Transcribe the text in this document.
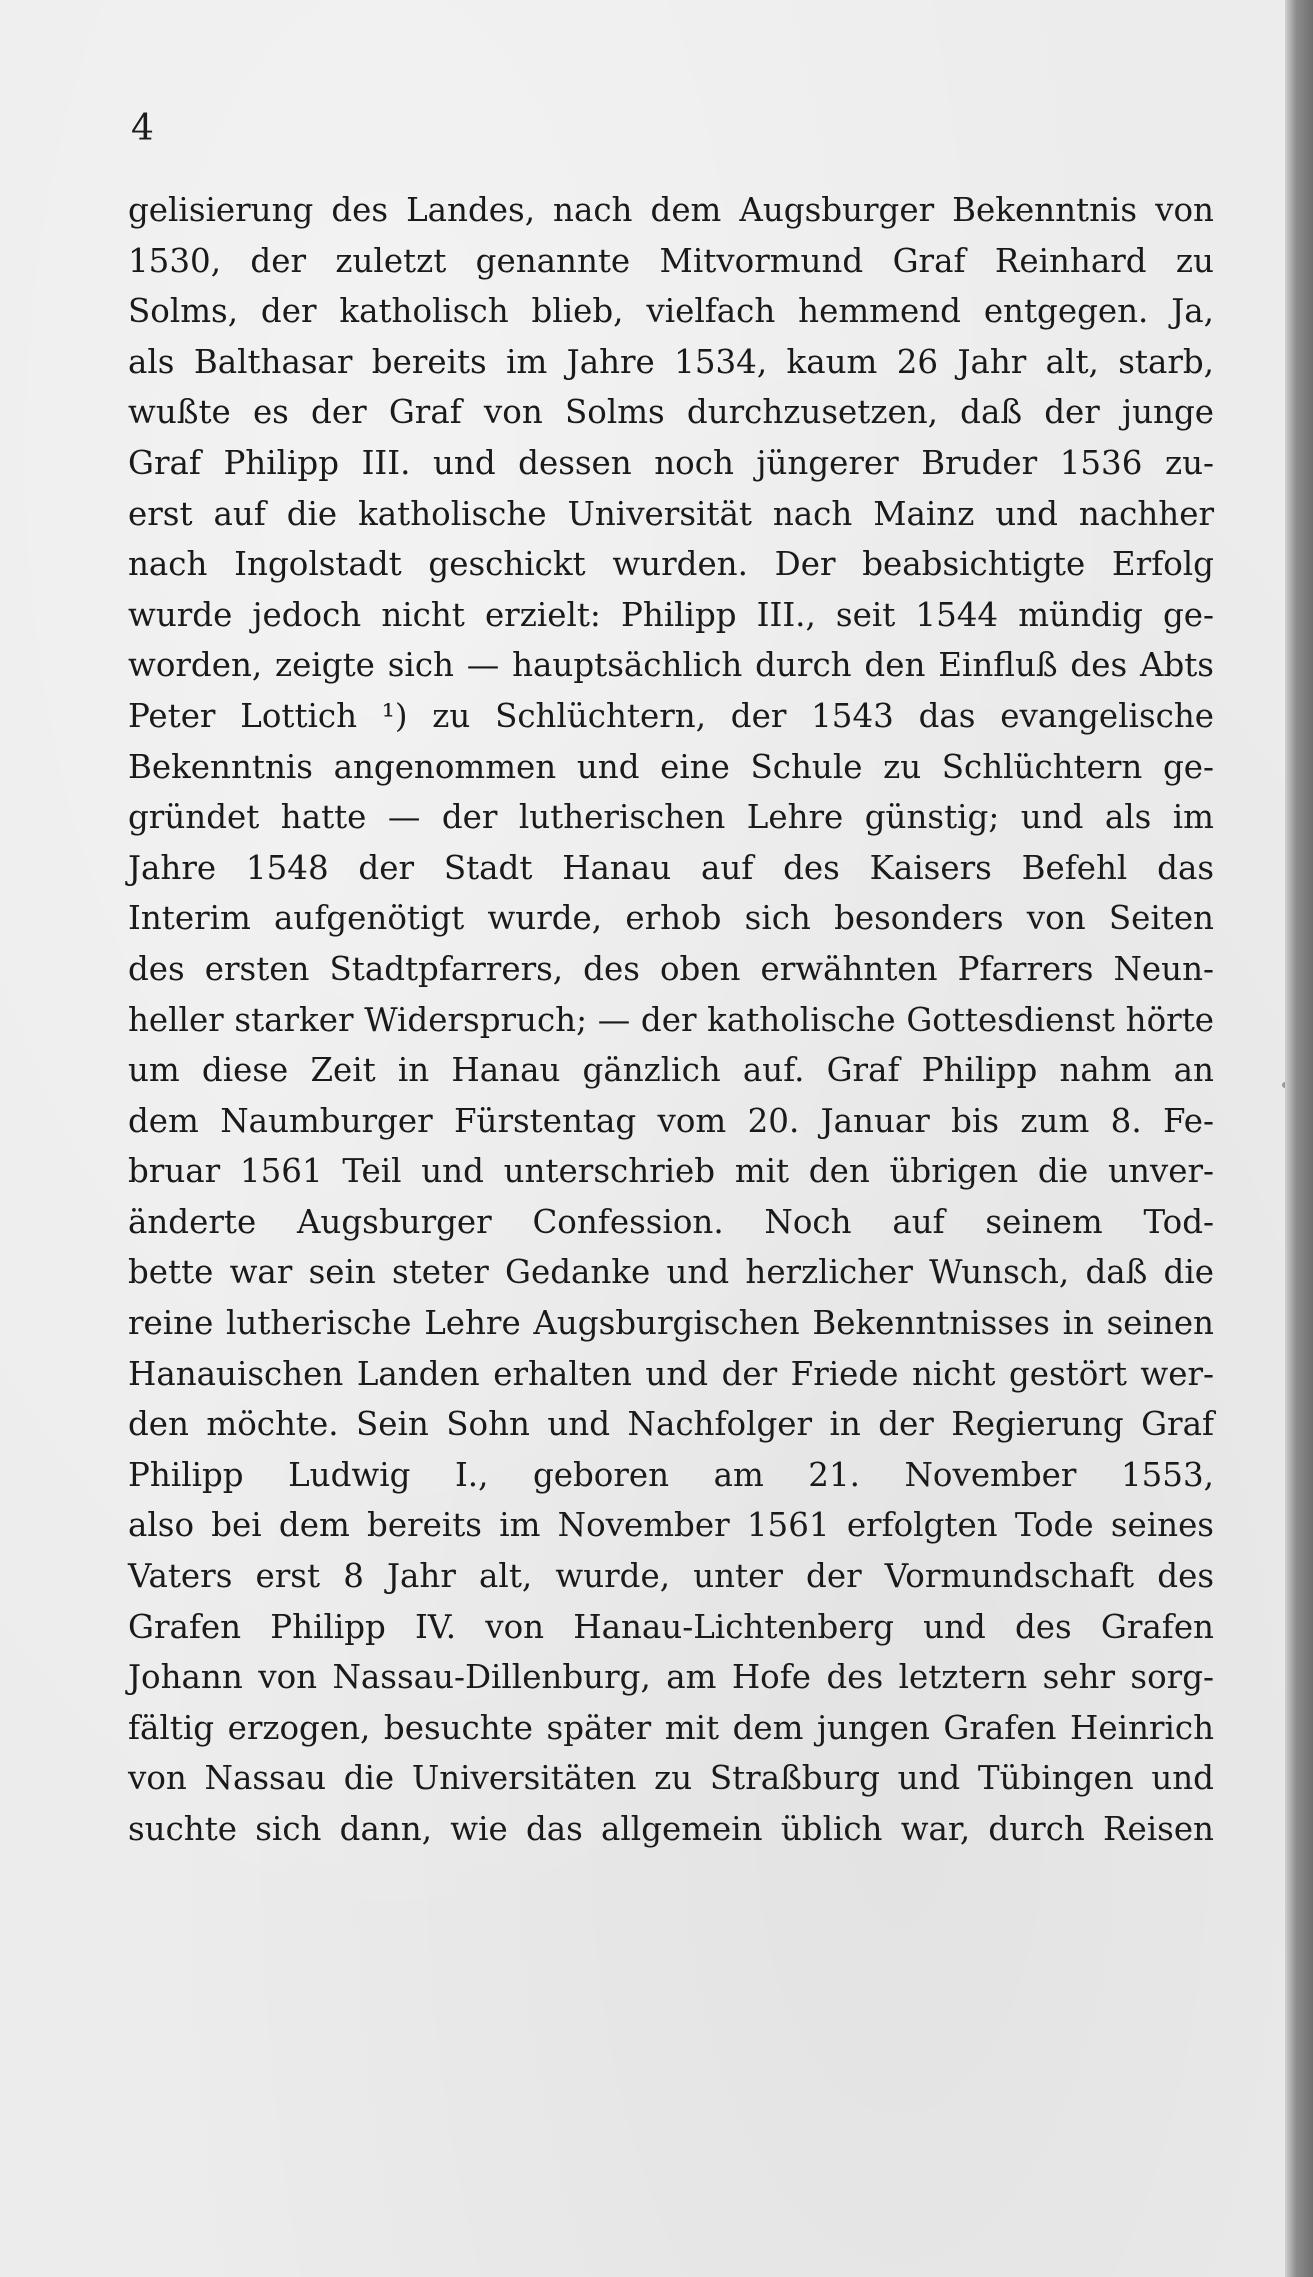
4

gelisierung des Landes, nach dem Augsburger Bekenntnis von
1530, der zuletzt genannte Mitvormund Graf Reinhard zu
Solms, der katholisch blieb, vielfach hemmend entgegen. Ja,
als Balthasar bereits im Jahre 1534, kaum 26 Jahr alt, starb,
wußte es der Graf von Solms durchzusetzen, daß der junge
Graf Philipp III. und dessen noch jüngerer Bruder 1536 zu-
erst auf die katholische Universität nach Mainz und nachher
nach Ingolstadt geschickt wurden. Der beabsichtigte Erfolg
wurde jedoch nicht erzielt: Philipp III., seit 1544 mündig ge-
worden, zeigte sich — hauptsächlich durch den Einfluß des Abts
Peter Lottich ¹) zu Schlüchtern, der 1543 das evangelische
Bekenntnis angenommen und eine Schule zu Schlüchtern ge-
gründet hatte — der lutherischen Lehre günstig; und als im
Jahre 1548 der Stadt Hanau auf des Kaisers Befehl das
Interim aufgenötigt wurde, erhob sich besonders von Seiten
des ersten Stadtpfarrers, des oben erwähnten Pfarrers Neun-
heller starker Widerspruch; — der katholische Gottesdienst hörte
um diese Zeit in Hanau gänzlich auf. Graf Philipp nahm an
dem Naumburger Fürstentag vom 20. Januar bis zum 8. Fe-
bruar 1561 Teil und unterschrieb mit den übrigen die unver-
änderte Augsburger Confession. Noch auf seinem Tod-
bette war sein steter Gedanke und herzlicher Wunsch, daß die
reine lutherische Lehre Augsburgischen Bekenntnisses in seinen
Hanauischen Landen erhalten und der Friede nicht gestört wer-
den möchte. Sein Sohn und Nachfolger in der Regierung Graf
Philipp Ludwig I., geboren am 21. November 1553,
also bei dem bereits im November 1561 erfolgten Tode seines
Vaters erst 8 Jahr alt, wurde, unter der Vormundschaft des
Grafen Philipp IV. von Hanau-Lichtenberg und des Grafen
Johann von Nassau-Dillenburg, am Hofe des letztern sehr sorg-
fältig erzogen, besuchte später mit dem jungen Grafen Heinrich
von Nassau die Universitäten zu Straßburg und Tübingen und
suchte sich dann, wie das allgemein üblich war, durch Reisen
